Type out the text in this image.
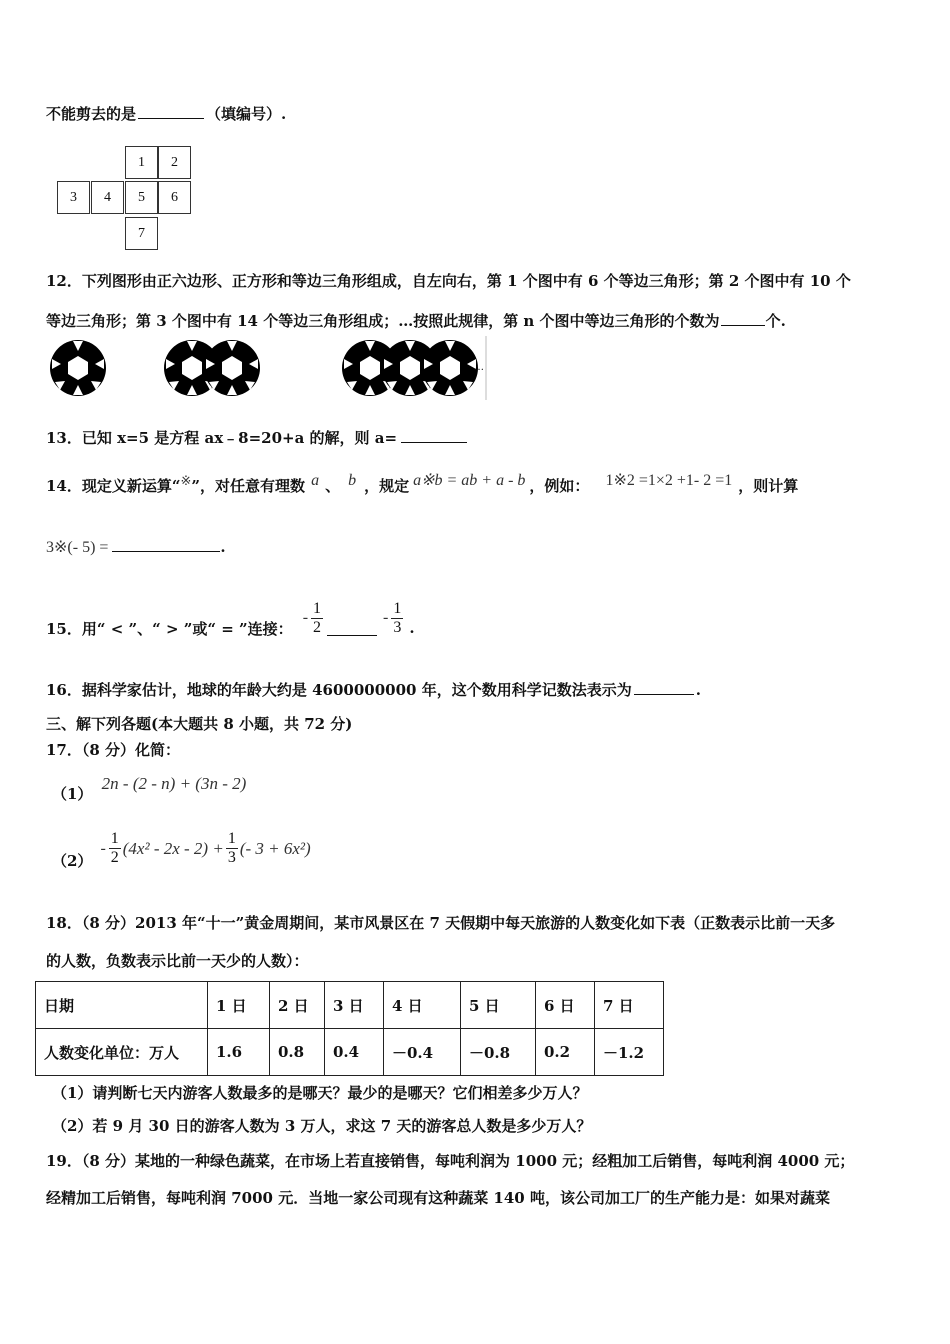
不能剪去的是	（填编号）.
1	2
3	4	5	6
7
12．下列图形由正六边形、正方形和等边三角形组成，自左向右，第 1 个图中有 6 个等边三角形；第 2 个图中有 10 个
等边三角形；第 3 个图中有 14 个等边三角形组成；…按照此规律，第 n 个图中等边三角形的个数为	个.
…
13．已知 x=5 是方程 ax﹣8=20+a 的解，则 a=
14．现定义新运算“※”，对任意有理数 $^a$ 、 $^b$ ，规定 $^{a※b = ab + a - b}$ ，例如： $^{1※2 =1\times 2 +1- 2 =1}$ ，则计算
3※(- 5) =	.
15．用“ < ”、“ > ”或“ = ”连接：
- $\frac{1}{2}$	- $\frac{1}{3}$ .
16．据科学家估计，地球的年龄大约是 4600000000 年，这个数用科学记数法表示为	.
三、解下列各题(本大题共 8 小题，共 72 分)
17．（8 分）化简：
（1） 2n - (2 - n) + (3n - 2)
（2）
- $\frac{1}{2} (4x^2 - 2x - 2) + \frac{1}{3}$ (- 3 + 6x²)
18．（8 分）2013 年“十一”黄金周期间，某市风景区在 7 天假期中每天旅游的人数变化如下表（正数表示比前一天多
的人数，负数表示比前一天少的人数）：
日期	1 日	2 日	3 日	4 日	5 日	6 日	7 日
人数变化单位：万人	1.6	0.8	0.4	－0.4	－0.8	0.2	－1.2
（1）请判断七天内游客人数最多的是哪天？最少的是哪天？它们相差多少万人？
（2）若 9 月 30 日的游客人数为 3 万人，求这 7 天的游客总人数是多少万人？
19．（8 分）某地的一种绿色蔬菜，在市场上若直接销售，每吨利润为 1000 元；经粗加工后销售，每吨利润 4000 元；
经精加工后销售，每吨利润 7000 元．当地一家公司现有这种蔬菜 140 吨，该公司加工厂的生产能力是：如果对蔬菜
